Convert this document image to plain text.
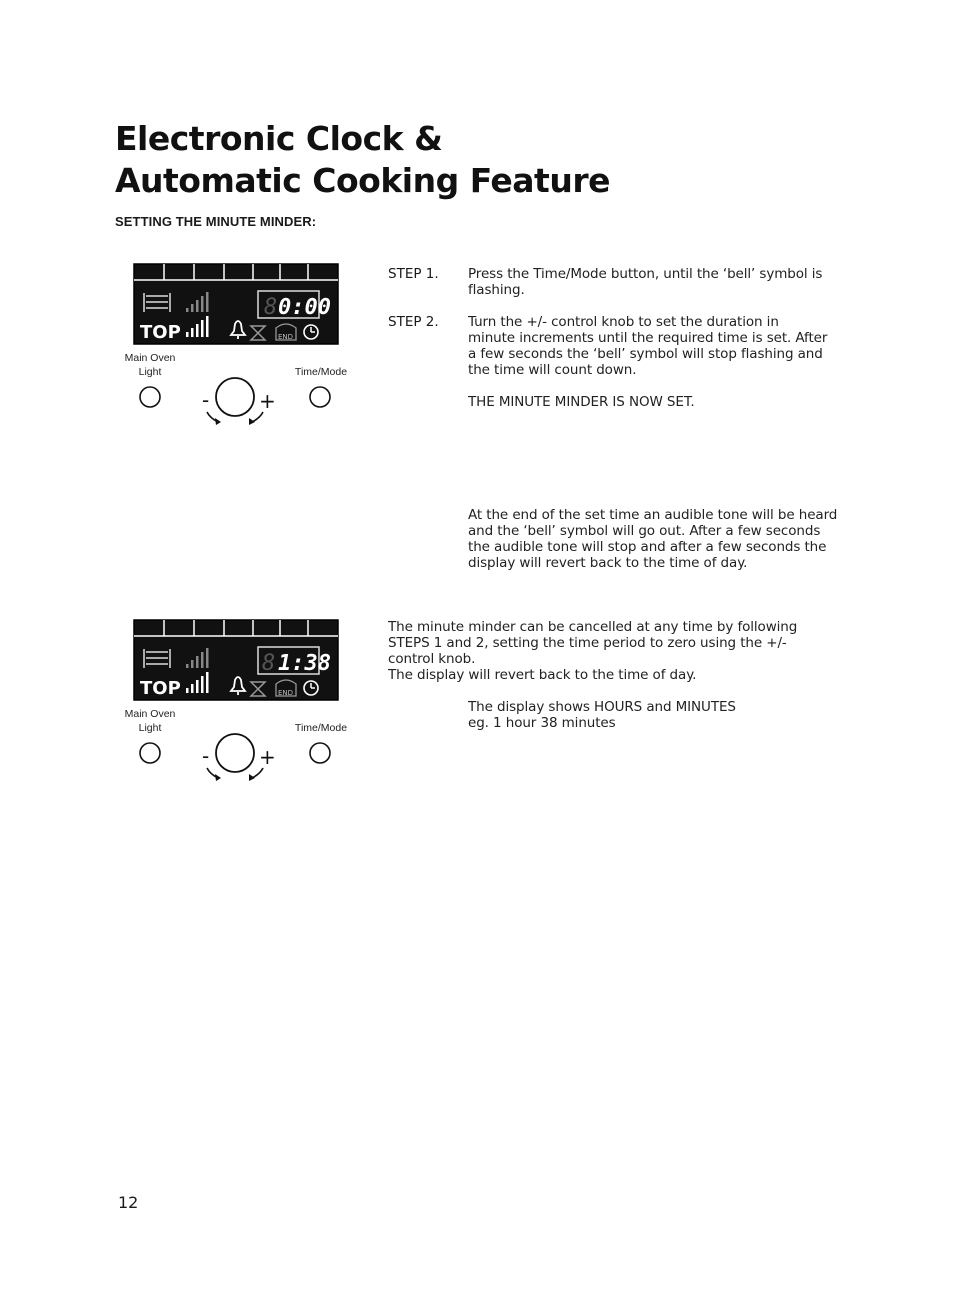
Electronic Clock &
Automatic Cooking Feature
SETTING THE MINUTE MINDER:
STEP 1. Press the Time/Mode button, until the ‘bell’ symbol is flashing.
STEP 2. Turn the +/- control knob to set the duration in minute increments until the required time is set. After a few seconds the ‘bell’ symbol will stop flashing and the time will count down.
THE MINUTE MINDER IS NOW SET.
At the end of the set time an audible tone will be heard and the ‘bell’ symbol will go out. After a few seconds the audible tone will stop and after a few seconds the display will revert back to the time of day.
The minute minder can be cancelled at any time by following STEPS 1 and 2, setting the time period to zero using the +/- control knob.
The display will revert back to the time of day.
The display shows HOURS and MINUTES
eg. 1 hour 38 minutes
8 0:00
TOP	END
- +
Main Oven
Light	Time/Mode
8 1:38
TOP	END
- +
Main Oven
Light	Time/Mode
12
